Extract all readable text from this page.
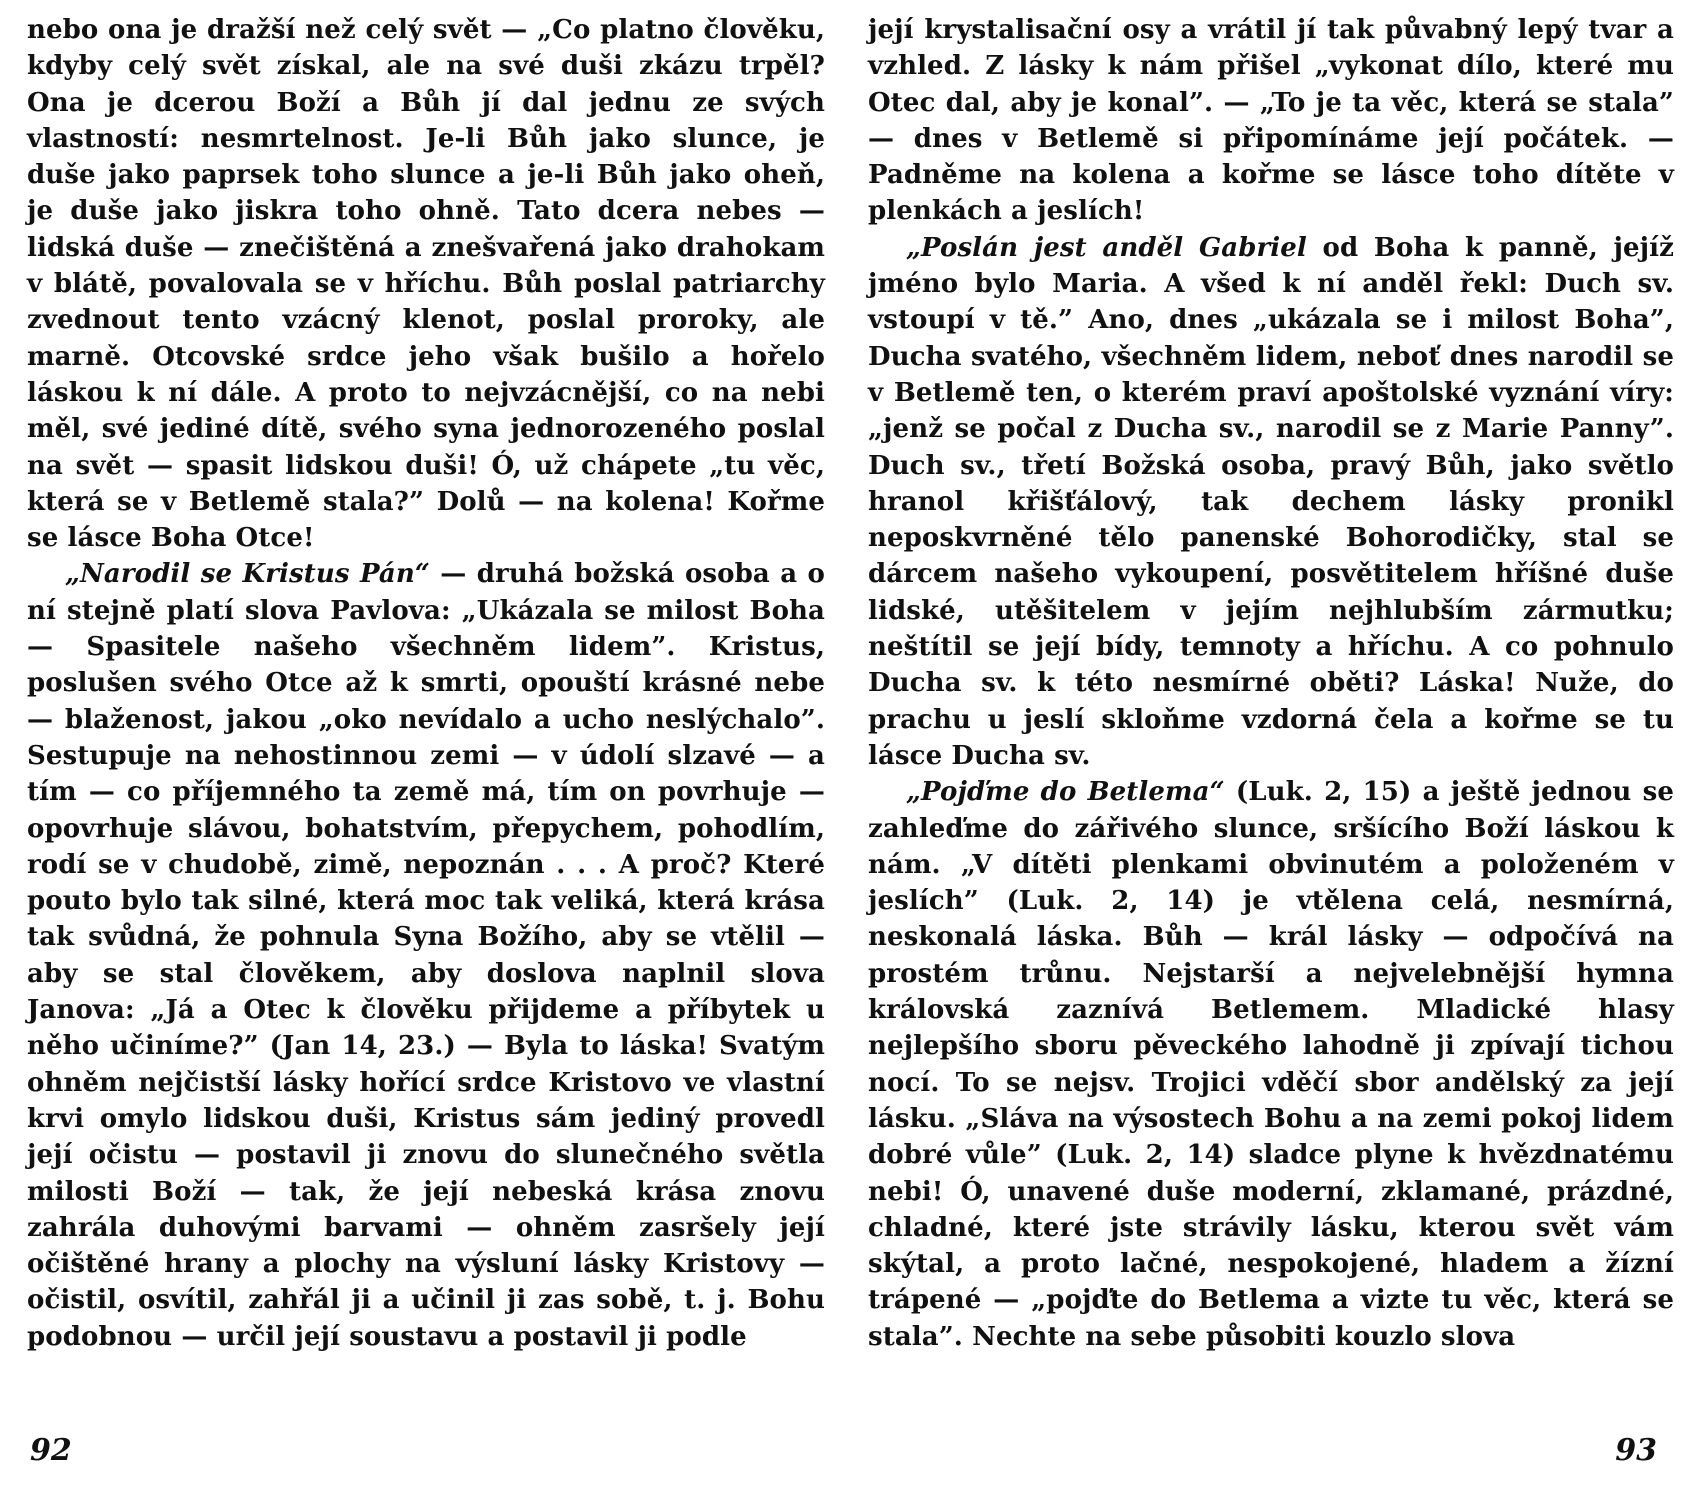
nebo ona je dražší než celý svět — „Co platno člověku, kdyby celý svět získal, ale na své duši zkázu trpěl? Ona je dcerou Boží a Bůh jí dal jednu ze svých vlastností: nesmrtelnost. Je-li Bůh jako slunce, je duše jako paprsek toho slunce a je-li Bůh jako oheň, je duše jako jiskra toho ohně. Tato dcera nebes — lidská duše — znečištěná a znešvařená jako drahokam v blátě, povalovala se v hříchu. Bůh poslal patriarchy zvednout tento vzácný klenot, poslal proroky, ale marně. Otcovské srdce jeho však bušilo a hořelo láskou k ní dále. A proto to nejvzácnější, co na nebi měl, své jediné dítě, svého syna jednorozeného poslal na svět — spasit lidskou duši! Ó, už chápete „tu věc, která se v Betlemě stala?” Dolů — na kolena! Kořme se lásce Boha Otce!

„Narodil se Kristus Pán“ — druhá božská osoba a o ní stejně platí slova Pavlova: „Ukázala se milost Boha — Spasitele našeho všechněm lidem”. Kristus, poslušen svého Otce až k smrti, opouští krásné nebe — blaženost, jakou „oko nevídalo a ucho neslýchalo”. Sestupuje na nehostinnou zemi — v údolí slzavé — a tím — co příjemného ta země má, tím on povrhuje — opovrhuje slávou, bohatstvím, přepychem, pohodlím, rodí se v chudobě, zimě, nepoznán . . . A proč? Které pouto bylo tak silné, která moc tak veliká, která krása tak svůdná, že pohnula Syna Božího, aby se vtělil — aby se stal člověkem, aby doslova naplnil slova Janova: „Já a Otec k člověku přijdeme a příbytek u něho učiníme?” (Jan 14, 23.) — Byla to láska! Svatým ohněm nejčistší lásky hořící srdce Kristovo ve vlastní krvi omylo lidskou duši, Kristus sám jediný provedl její očistu — postavil ji znovu do slunečného světla milosti Boží — tak, že její nebeská krása znovu zahrála duhovými barvami — ohněm zasršely její očištěné hrany a plochy na výsluní lásky Kristovy — očistil, osvítil, zahřál ji a učinil ji zas sobě, t. j. Bohu podobnou — určil její soustavu a postavil ji podle

92

její krystalisační osy a vrátil jí tak půvabný lepý tvar a vzhled. Z lásky k nám přišel „vykonat dílo, které mu Otec dal, aby je konal”. — „To je ta věc, která se stala” — dnes v Betlemě si připomínáme její počátek. — Padněme na kolena a kořme se lásce toho dítěte v plenkách a jeslích!

„Poslán jest anděl Gabriel od Boha k panně, jejíž jméno bylo Maria. A všed k ní anděl řekl: Duch sv. vstoupí v tě.” Ano, dnes „ukázala se i milost Boha”, Ducha svatého, všechněm lidem, neboť dnes narodil se v Betlemě ten, o kterém praví apoštolské vyznání víry: „jenž se počal z Ducha sv., narodil se z Marie Panny”. Duch sv., třetí Božská osoba, pravý Bůh, jako světlo hranol křišťálový, tak dechem lásky pronikl neposkvrněné tělo panenské Bohorodičky, stal se dárcem našeho vykoupení, posvětitelem hříšné duše lidské, utěšitelem v jejím nejhlubším zármutku; neštítil se její bídy, temnoty a hříchu. A co pohnulo Ducha sv. k této nesmírné oběti? Láska! Nuže, do prachu u jeslí skloňme vzdorná čela a kořme se tu lásce Ducha sv.

„Pojďme do Betlema“ (Luk. 2, 15) a ještě jednou se zahleďme do zářivého slunce, sršícího Boží láskou k nám. „V dítěti plenkami obvinutém a položeném v jeslích” (Luk. 2, 14) je vtělena celá, nesmírná, neskonalá láska. Bůh — král lásky — odpočívá na prostém trůnu. Nejstarší a nejvelebnější hymna královská zaznívá Betlemem. Mladické hlasy nejlepšího sboru pěveckého lahodně ji zpívají tichou nocí. To se nejsv. Trojici vděčí sbor andělský za její lásku. „Sláva na výsostech Bohu a na zemi pokoj lidem dobré vůle” (Luk. 2, 14) sladce plyne k hvězdnatému nebi! Ó, unavené duše moderní, zklamané, prázdné, chladné, které jste strávily lásku, kterou svět vám skýtal, a proto lačné, nespokojené, hladem a žízní trápené — „pojďte do Betlema a vizte tu věc, která se stala”. Nechte na sebe působiti kouzlo slova

93
